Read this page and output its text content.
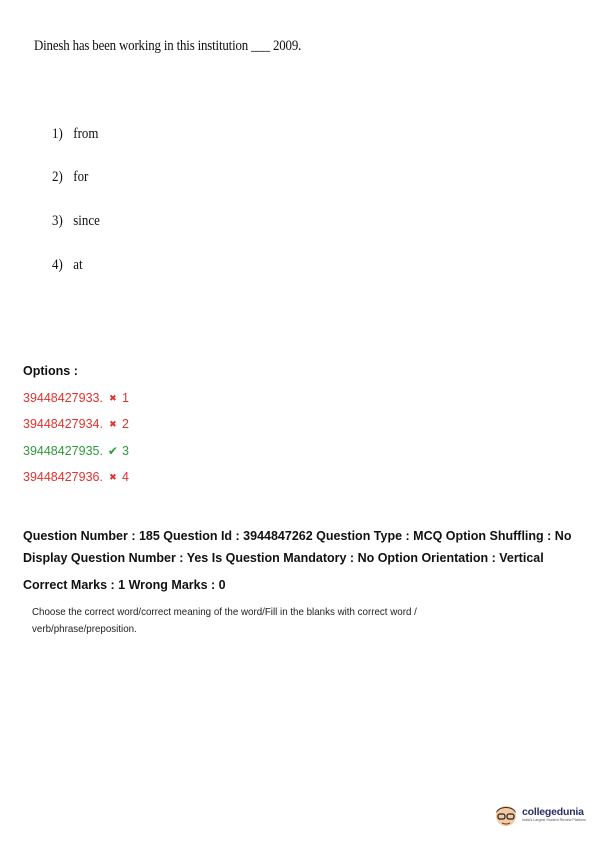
Dinesh has been working in this institution ___ 2009.
1) from
2) for
3) since
4) at
Options :
39448427933. ✖ 1
39448427934. ✖ 2
39448427935. ✔ 3
39448427936. ✖ 4
Question Number : 185 Question Id : 3944847262 Question Type : MCQ Option Shuffling : No
Display Question Number : Yes Is Question Mandatory : No Option Orientation : Vertical
Correct Marks : 1 Wrong Marks : 0
Choose the correct word/correct meaning of the word/Fill in the blanks with correct word / verb/phrase/preposition.
collegedunia
India's Largest Student Review Platform
